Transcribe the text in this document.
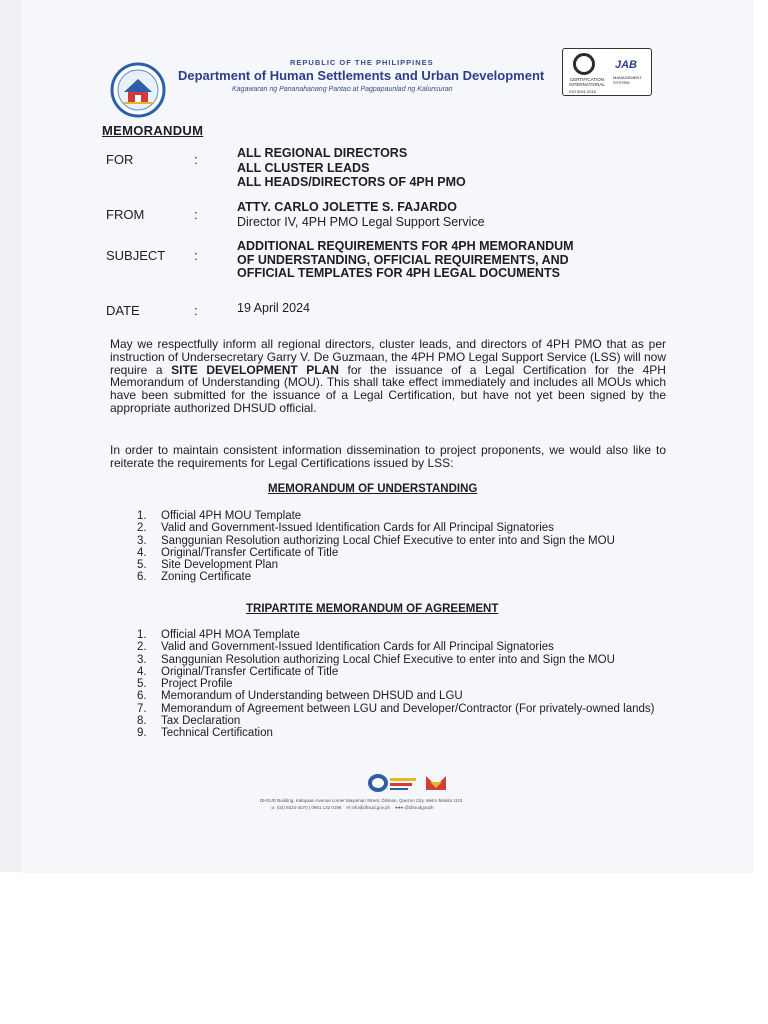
REPUBLIC OF THE PHILIPPINES
Department of Human Settlements and Urban Development
Kagawaran ng Pananahanang Pantao at Pagpapaunlad ng Kalunsuran
CERTIFICATION INTERNATIONAL
ISO 9001:2015
JAB
MANAGEMENT SYSTEM
MEMORANDUM
FOR	:	ALL REGIONAL DIRECTORS
ALL CLUSTER LEADS
ALL HEADS/DIRECTORS OF 4PH PMO
FROM	:	ATTY. CARLO JOLETTE S. FAJARDO
Director IV, 4PH PMO Legal Support Service
SUBJECT :
ADDITIONAL REQUIREMENTS FOR 4PH MEMORANDUM
OF UNDERSTANDING, OFFICIAL REQUIREMENTS, AND
OFFICIAL TEMPLATES FOR 4PH LEGAL DOCUMENTS
DATE	:	19 April 2024
May we respectfully inform all regional directors, cluster leads, and directors of 4PH PMO that as per instruction of Undersecretary Garry V. De Guzmaan, the 4PH PMO Legal Support Service (LSS) will now require a SITE DEVELOPMENT PLAN for the issuance of a Legal Certification for the 4PH Memorandum of Understanding (MOU). This shall take effect immediately and includes all MOUs which have been submitted for the issuance of a Legal Certification, but have not yet been signed by the appropriate authorized DHSUD official.
In order to maintain consistent information dissemination to project proponents, we would also like to reiterate the requirements for Legal Certifications issued by LSS:
MEMORANDUM OF UNDERSTANDING
1.	Official 4PH MOU Template
2.	Valid and Government-Issued Identification Cards for All Principal Signatories
3.	Sanggunian Resolution authorizing Local Chief Executive to enter into and Sign the MOU
4.	Original/Transfer Certificate of Title
5.	Site Development Plan
6.	Zoning Certificate
TRIPARTITE MEMORANDUM OF AGREEMENT
1.	Official 4PH MOA Template
2.	Valid and Government-Issued Identification Cards for All Principal Signatories
3.	Sanggunian Resolution authorizing Local Chief Executive to enter into and Sign the MOU
4.	Original/Transfer Certificate of Title
5.	Project Profile
6.	Memorandum of Understanding between DHSUD and LGU
7.	Memorandum of Agreement between LGU and Developer/Contractor (For privately-owned lands)
8.	Tax Declaration
9.	Technical Certification
DHSUD Building, Kalayaan Avenue corner Mayaman Street, Diliman, Quezon City, Metro Manila 1101
☏ (02) 8424-4070 | 0961 132 0196 ✉ info@dhsud.gov.ph ●●● @dhsudgovph
